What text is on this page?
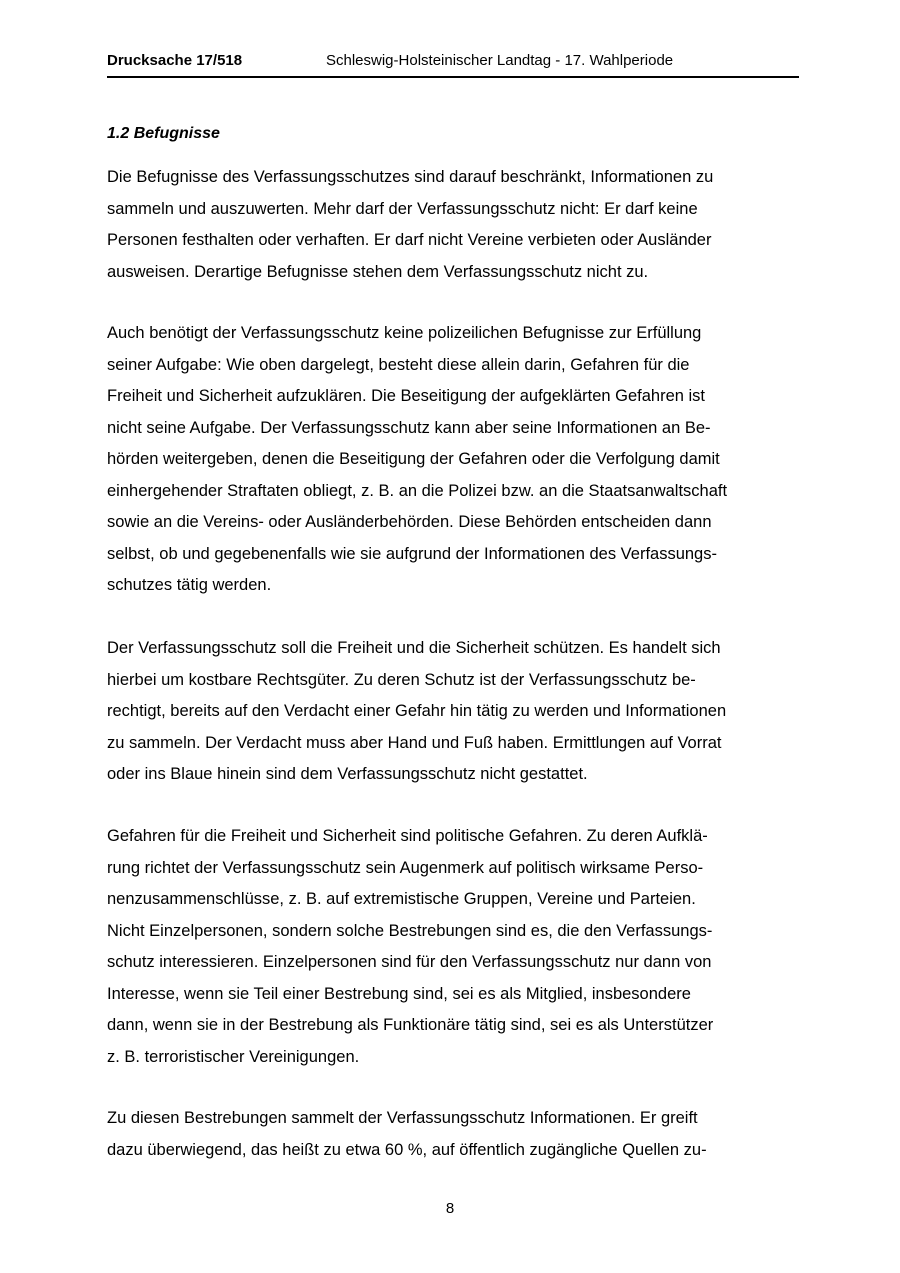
Drucksache 17/518	Schleswig-Holsteinischer Landtag - 17. Wahlperiode
1.2 Befugnisse
Die Befugnisse des Verfassungsschutzes sind darauf beschränkt, Informationen zu
sammeln und auszuwerten. Mehr darf der Verfassungsschutz nicht: Er darf keine
Personen festhalten oder verhaften. Er darf nicht Vereine verbieten oder Ausländer
ausweisen. Derartige Befugnisse stehen dem Verfassungsschutz nicht zu.
Auch benötigt der Verfassungsschutz keine polizeilichen Befugnisse zur Erfüllung
seiner Aufgabe: Wie oben dargelegt, besteht diese allein darin, Gefahren für die
Freiheit und Sicherheit aufzuklären. Die Beseitigung der aufgeklärten Gefahren ist
nicht seine Aufgabe. Der Verfassungsschutz kann aber seine Informationen an Be-
hörden weitergeben, denen die Beseitigung der Gefahren oder die Verfolgung damit
einhergehender Straftaten obliegt, z. B. an die Polizei bzw. an die Staatsanwaltschaft
sowie an die Vereins- oder Ausländerbehörden. Diese Behörden entscheiden dann
selbst, ob und gegebenenfalls wie sie aufgrund der Informationen des Verfassungs-
schutzes tätig werden.
Der Verfassungsschutz soll die Freiheit und die Sicherheit schützen. Es handelt sich
hierbei um kostbare Rechtsgüter. Zu deren Schutz ist der Verfassungsschutz be-
rechtigt, bereits auf den Verdacht einer Gefahr hin tätig zu werden und Informationen
zu sammeln. Der Verdacht muss aber Hand und Fuß haben. Ermittlungen auf Vorrat
oder ins Blaue hinein sind dem Verfassungsschutz nicht gestattet.
Gefahren für die Freiheit und Sicherheit sind politische Gefahren. Zu deren Aufklä-
rung richtet der Verfassungsschutz sein Augenmerk auf politisch wirksame Perso-
nenzusammenschlüsse, z. B. auf extremistische Gruppen, Vereine und Parteien.
Nicht Einzelpersonen, sondern solche Bestrebungen sind es, die den Verfassungs-
schutz interessieren. Einzelpersonen sind für den Verfassungsschutz nur dann von
Interesse, wenn sie Teil einer Bestrebung sind, sei es als Mitglied, insbesondere
dann, wenn sie in der Bestrebung als Funktionäre tätig sind, sei es als Unterstützer
z. B. terroristischer Vereinigungen.
Zu diesen Bestrebungen sammelt der Verfassungsschutz Informationen. Er greift
dazu überwiegend, das heißt zu etwa 60 %, auf öffentlich zugängliche Quellen zu-
8
